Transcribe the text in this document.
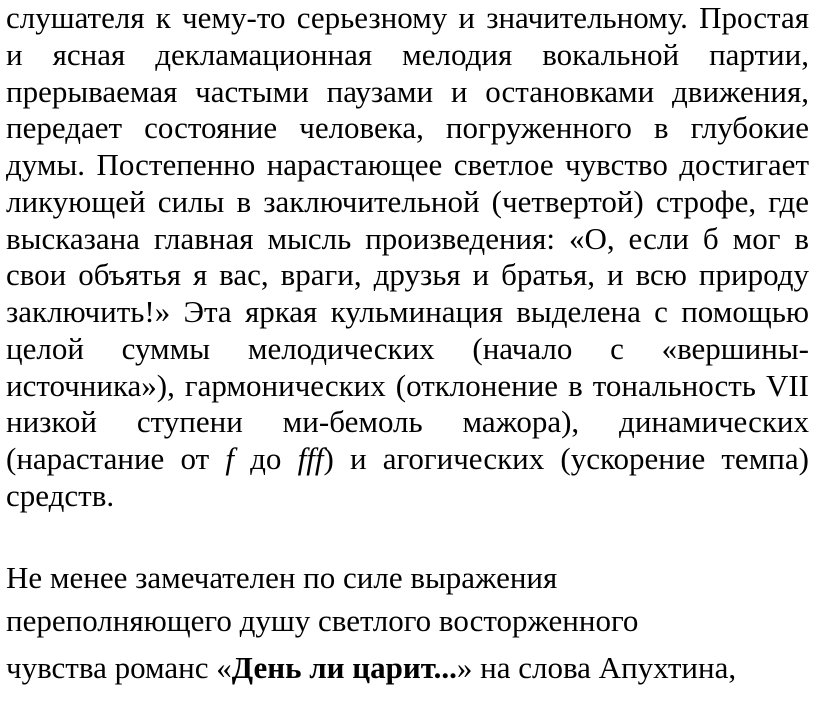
слушателя к чему-то серьезному и значительному. Простая и ясная декламационная мелодия вокальной партии, прерываемая частыми паузами и остановками движения, передает состояние человека, погруженного в глубокие думы. Постепенно нарастающее светлое чувство достигает ликующей силы в заключительной (четвертой) строфе, где высказана главная мысль произведения: «О, если б мог в свои объятья я вас, враги, друзья и братья, и всю природу заключить!» Эта яркая кульминация выделена с помощью целой суммы мелодических (начало с «вершины-источника»), гармонических (отклонение в тональность VII низкой ступени ми-бемоль мажора), динамических (нарастание от f до fff) и агогических (ускорение темпа) средств.

Не менее замечателен по силе выражения
переполняющего душу светлого восторженного
чувства романс «День ли царит...» на слова Апухтина,
